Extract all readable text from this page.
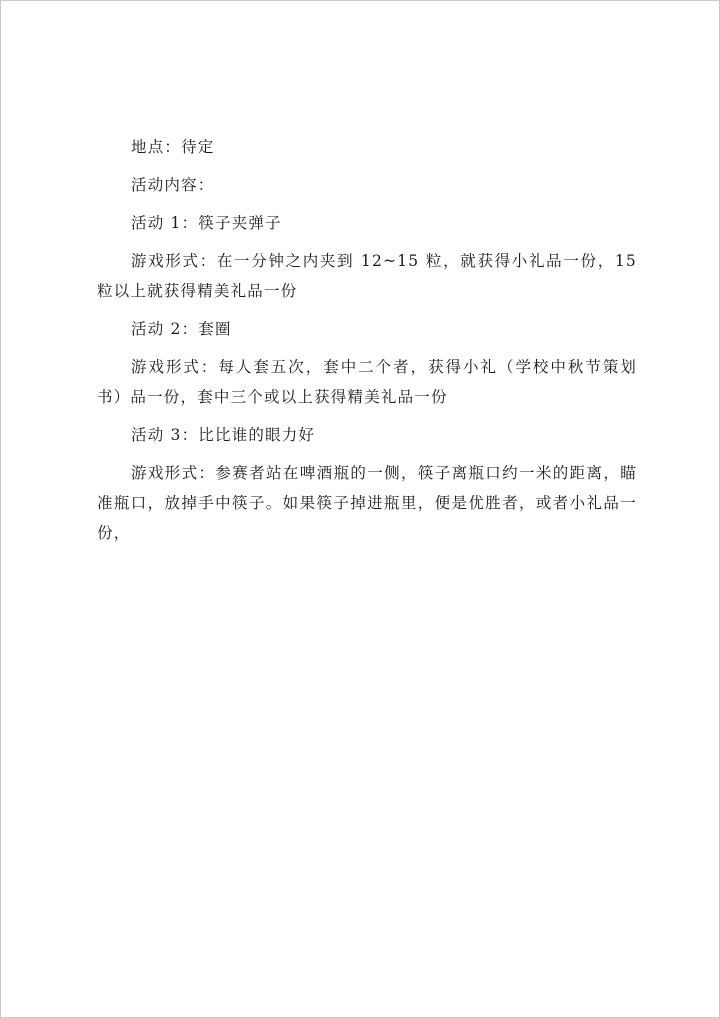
地点：待定

活动内容：

活动 1：筷子夹弹子

游戏形式：在一分钟之内夹到 12~15 粒，就获得小礼品一份，15 粒以上就获得精美礼品一份

活动 2：套圈

游戏形式：每人套五次，套中二个者，获得小礼（学校中秋节策划书）品一份，套中三个或以上获得精美礼品一份

活动 3：比比谁的眼力好

游戏形式：参赛者站在啤酒瓶的一侧，筷子离瓶口约一米的距离，瞄准瓶口，放掉手中筷子。如果筷子掉进瓶里，便是优胜者，或者小礼品一份，
